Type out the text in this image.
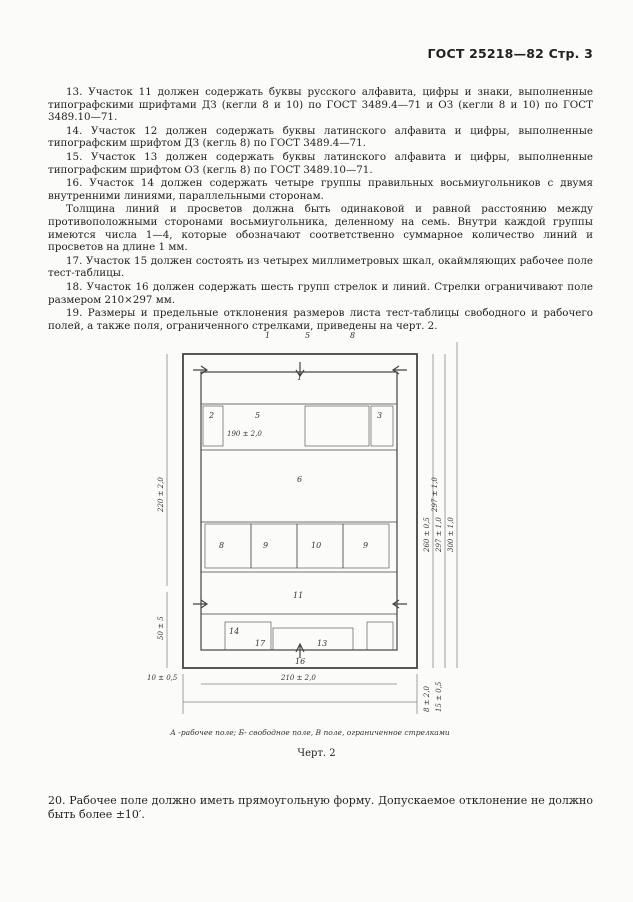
ГОСТ 25218—82 Стр. 3

13. Участок 11 должен содержать буквы русского алфавита, цифры и знаки, выполненные типографскими шрифтами ДЗ (кегли 8 и 10) по ГОСТ 3489.4—71 и ОЗ (кегли 8 и 10) по ГОСТ 3489.10—71.

14. Участок 12 должен содержать буквы латинского алфавита и цифры, выполненные типографским шрифтом ДЗ (кегль 8) по ГОСТ 3489.4—71.

15. Участок 13 должен содержать буквы латинского алфавита и цифры, выполненные типографским шрифтом ОЗ (кегль 8) по ГОСТ 3489.10—71.

16. Участок 14 должен содержать четыре группы правильных восьмиугольников с двумя внутренними линиями, параллельными сторонам.

Толщина линий и просветов должна быть одинаковой и равной расстоянию между противоположными сторонами восьмиугольника, деленному на семь. Внутри каждой группы имеются числа 1—4, которые обозначают соответственно суммарное количество линий и просветов на длине 1 мм.

17. Участок 15 должен состоять из четырех миллиметровых шкал, окаймляющих рабочее поле тест-таблицы.

18. Участок 16 должен содержать шесть групп стрелок и линий. Стрелки ограничивают поле размером 210×297 мм.

19. Размеры и предельные отклонения размеров листа тест-таблицы свободного и рабочего полей, а также поля, ограниченного стрелками, приведены на черт. 2.

1	5	8
1
2	3
5
6
8	9	10	9
11
14
17	13
16
190 ± 2,0
220 ± 2,0
50 ± 5
10 ± 0,5	210 ± 2,0
260 ± 0,5 297 ± 1,0 300 ± 1,0
297 ± 1,0
8 ± 2,0 15 ± 0,5
А -рабочее поле; Б- свободное поле, В поле, ограниченное стрелками
Черт. 2

20. Рабочее поле должно иметь прямоугольную форму. Допускаемое отклонение не должно быть более ±10′.
